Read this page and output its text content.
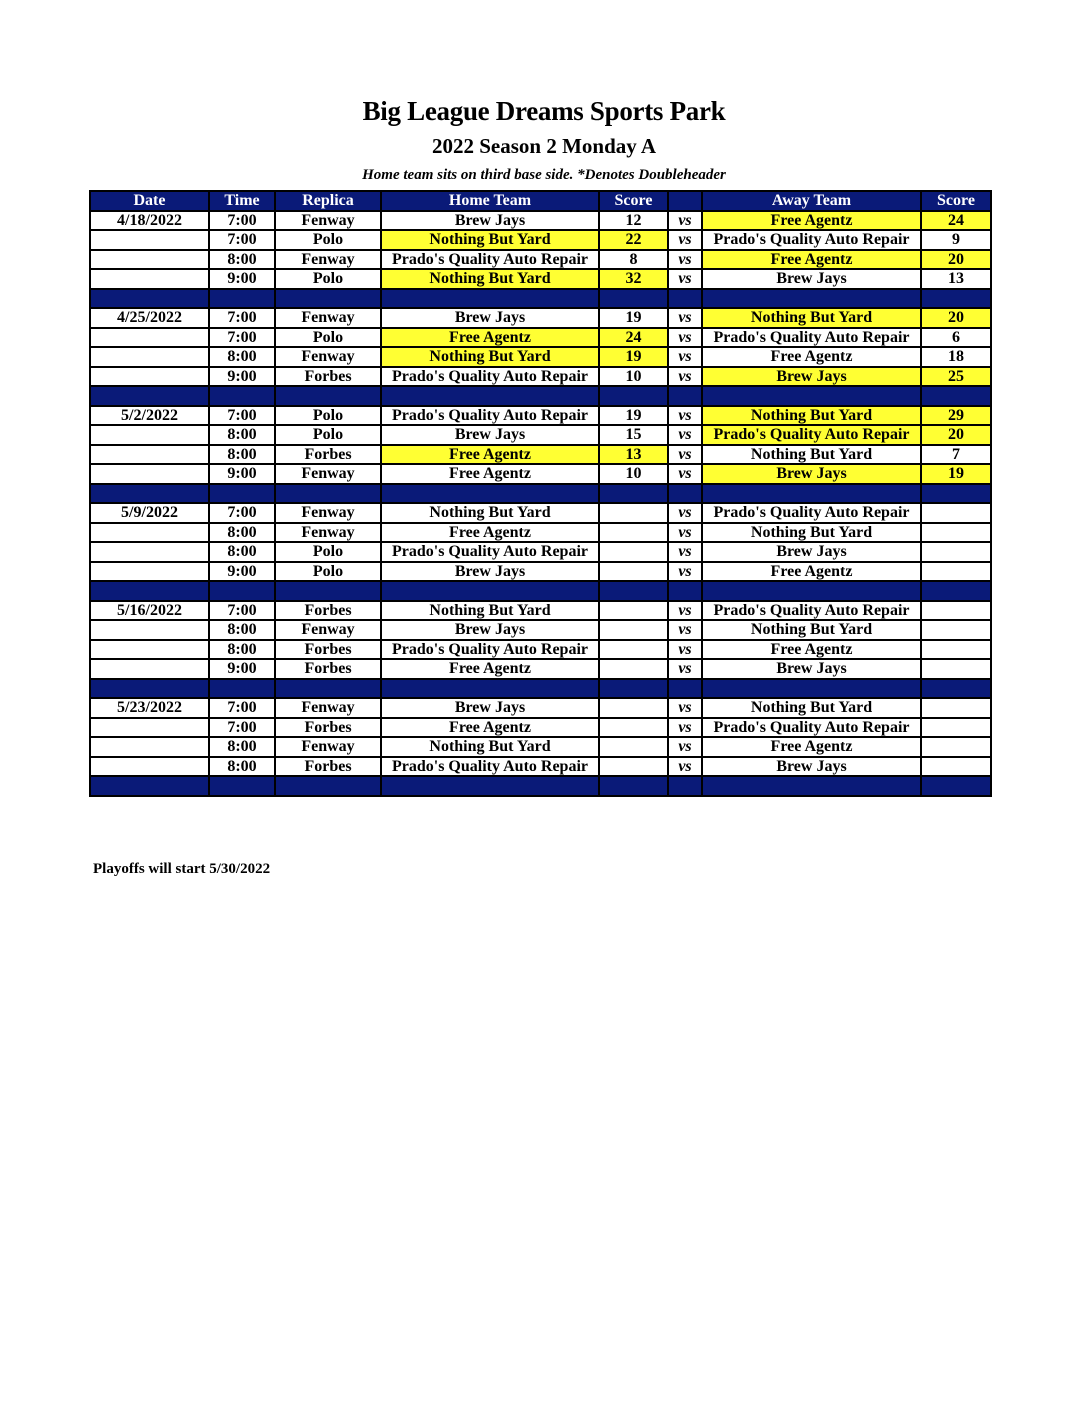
Big League Dreams Sports Park
2022 Season 2 Monday A
Home team sits on third base side. *Denotes Doubleheader
Date	Time	Replica	Home Team	Score		Away Team	Score
4/18/2022	7:00	Fenway	Brew Jays	12	vs	Free Agentz	24
	7:00	Polo	Nothing But Yard	22	vs	Prado's Quality Auto Repair	9
	8:00	Fenway	Prado's Quality Auto Repair	8	vs	Free Agentz	20
	9:00	Polo	Nothing But Yard	32	vs	Brew Jays	13

4/25/2022	7:00	Fenway	Brew Jays	19	vs	Nothing But Yard	20
	7:00	Polo	Free Agentz	24	vs	Prado's Quality Auto Repair	6
	8:00	Fenway	Nothing But Yard	19	vs	Free Agentz	18
	9:00	Forbes	Prado's Quality Auto Repair	10	vs	Brew Jays	25

5/2/2022	7:00	Polo	Prado's Quality Auto Repair	19	vs	Nothing But Yard	29
	8:00	Polo	Brew Jays	15	vs	Prado's Quality Auto Repair	20
	8:00	Forbes	Free Agentz	13	vs	Nothing But Yard	7
	9:00	Fenway	Free Agentz	10	vs	Brew Jays	19

5/9/2022	7:00	Fenway	Nothing But Yard		vs	Prado's Quality Auto Repair	
	8:00	Fenway	Free Agentz		vs	Nothing But Yard	
	8:00	Polo	Prado's Quality Auto Repair		vs	Brew Jays	
	9:00	Polo	Brew Jays		vs	Free Agentz	

5/16/2022	7:00	Forbes	Nothing But Yard		vs	Prado's Quality Auto Repair	
	8:00	Fenway	Brew Jays		vs	Nothing But Yard	
	8:00	Forbes	Prado's Quality Auto Repair		vs	Free Agentz	
	9:00	Forbes	Free Agentz		vs	Brew Jays	

5/23/2022	7:00	Fenway	Brew Jays		vs	Nothing But Yard	
	7:00	Forbes	Free Agentz		vs	Prado's Quality Auto Repair	
	8:00	Fenway	Nothing But Yard		vs	Free Agentz	
	8:00	Forbes	Prado's Quality Auto Repair		vs	Brew Jays	

Playoffs will start 5/30/2022
